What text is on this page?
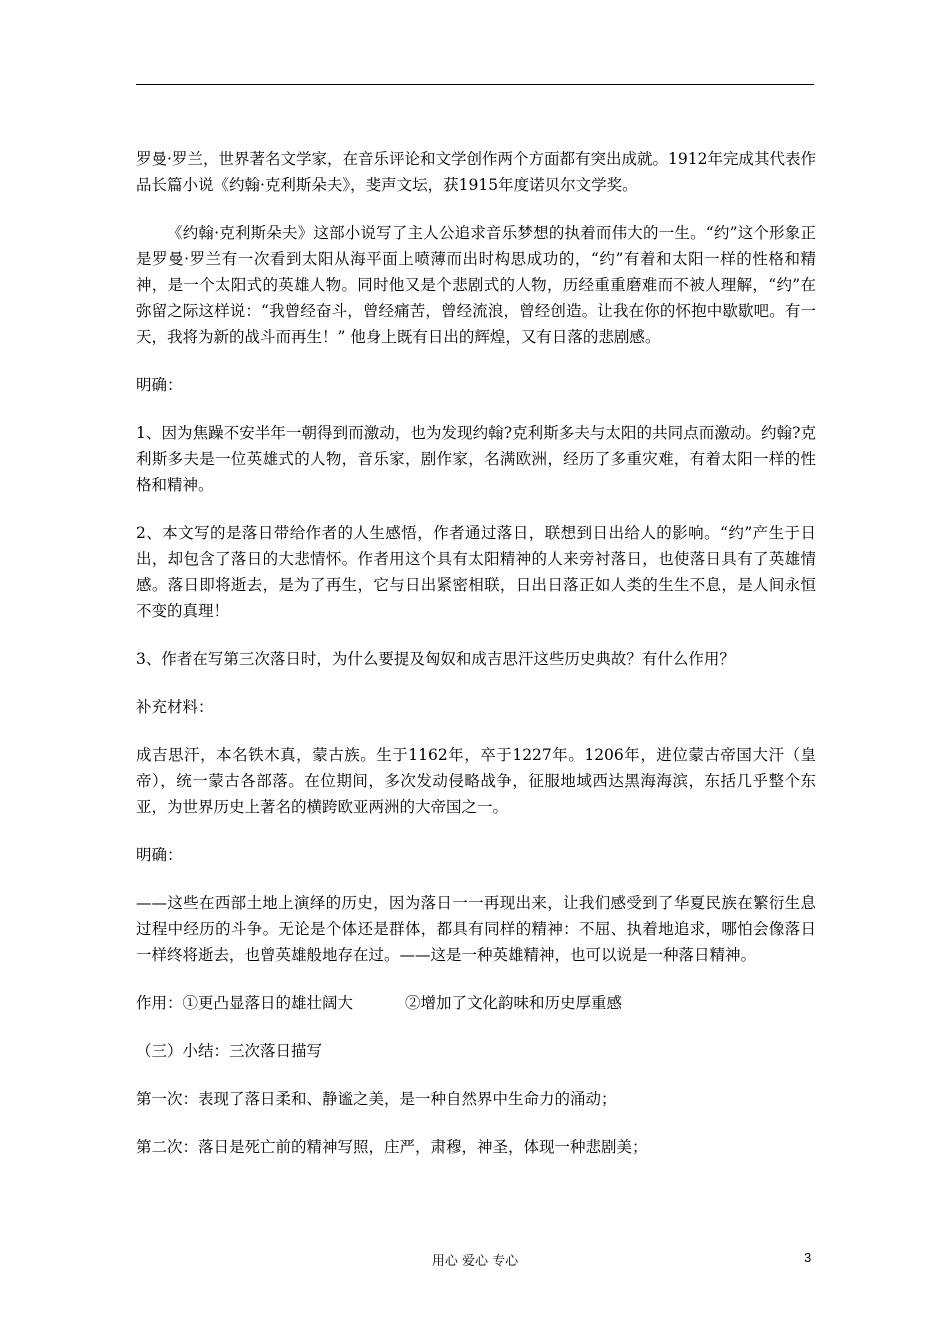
罗曼·罗兰，世界著名文学家，在音乐评论和文学创作两个方面都有突出成就。1912年完成其代表作品长篇小说《约翰·克利斯朵夫》，斐声文坛，获1915年度诺贝尔文学奖。

《约翰·克利斯朵夫》这部小说写了主人公追求音乐梦想的执着而伟大的一生。“约”这个形象正是罗曼·罗兰有一次看到太阳从海平面上喷薄而出时构思成功的，“约”有着和太阳一样的性格和精神，是一个太阳式的英雄人物。同时他又是个悲剧式的人物，历经重重磨难而不被人理解，“约”在弥留之际这样说：“我曾经奋斗，曾经痛苦，曾经流浪，曾经创造。让我在你的怀抱中歇歇吧。有一天，我将为新的战斗而再生！” 他身上既有日出的辉煌，又有日落的悲剧感。

明确：

1、因为焦躁不安半年一朝得到而激动，也为发现约翰?克利斯多夫与太阳的共同点而激动。约翰?克利斯多夫是一位英雄式的人物，音乐家，剧作家，名满欧洲，经历了多重灾难，有着太阳一样的性格和精神。

2、本文写的是落日带给作者的人生感悟，作者通过落日，联想到日出给人的影响。“约”产生于日出，却包含了落日的大悲情怀。作者用这个具有太阳精神的人来旁衬落日，也使落日具有了英雄情感。落日即将逝去，是为了再生，它与日出紧密相联，日出日落正如人类的生生不息，是人间永恒不变的真理！

3、作者在写第三次落日时，为什么要提及匈奴和成吉思汗这些历史典故？有什么作用？

补充材料：

成吉思汗，本名铁木真，蒙古族。生于1162年，卒于1227年。1206年，进位蒙古帝国大汗（皇帝），统一蒙古各部落。在位期间，多次发动侵略战争，征服地域西达黑海海滨，东括几乎整个东亚，为世界历史上著名的横跨欧亚两洲的大帝国之一。

明确：

——这些在西部土地上演绎的历史，因为落日一一再现出来，让我们感受到了华夏民族在繁衍生息过程中经历的斗争。无论是个体还是群体，都具有同样的精神：不屈、执着地追求，哪怕会像落日一样终将逝去，也曾英雄般地存在过。——这是一种英雄精神，也可以说是一种落日精神。

作用：①更凸显落日的雄壮阔大	②增加了文化韵味和历史厚重感

（三）小结：三次落日描写

第一次：表现了落日柔和、静谧之美，是一种自然界中生命力的涌动；

第二次：落日是死亡前的精神写照，庄严，肃穆，神圣，体现一种悲剧美；

用心 爱心 专心	3
